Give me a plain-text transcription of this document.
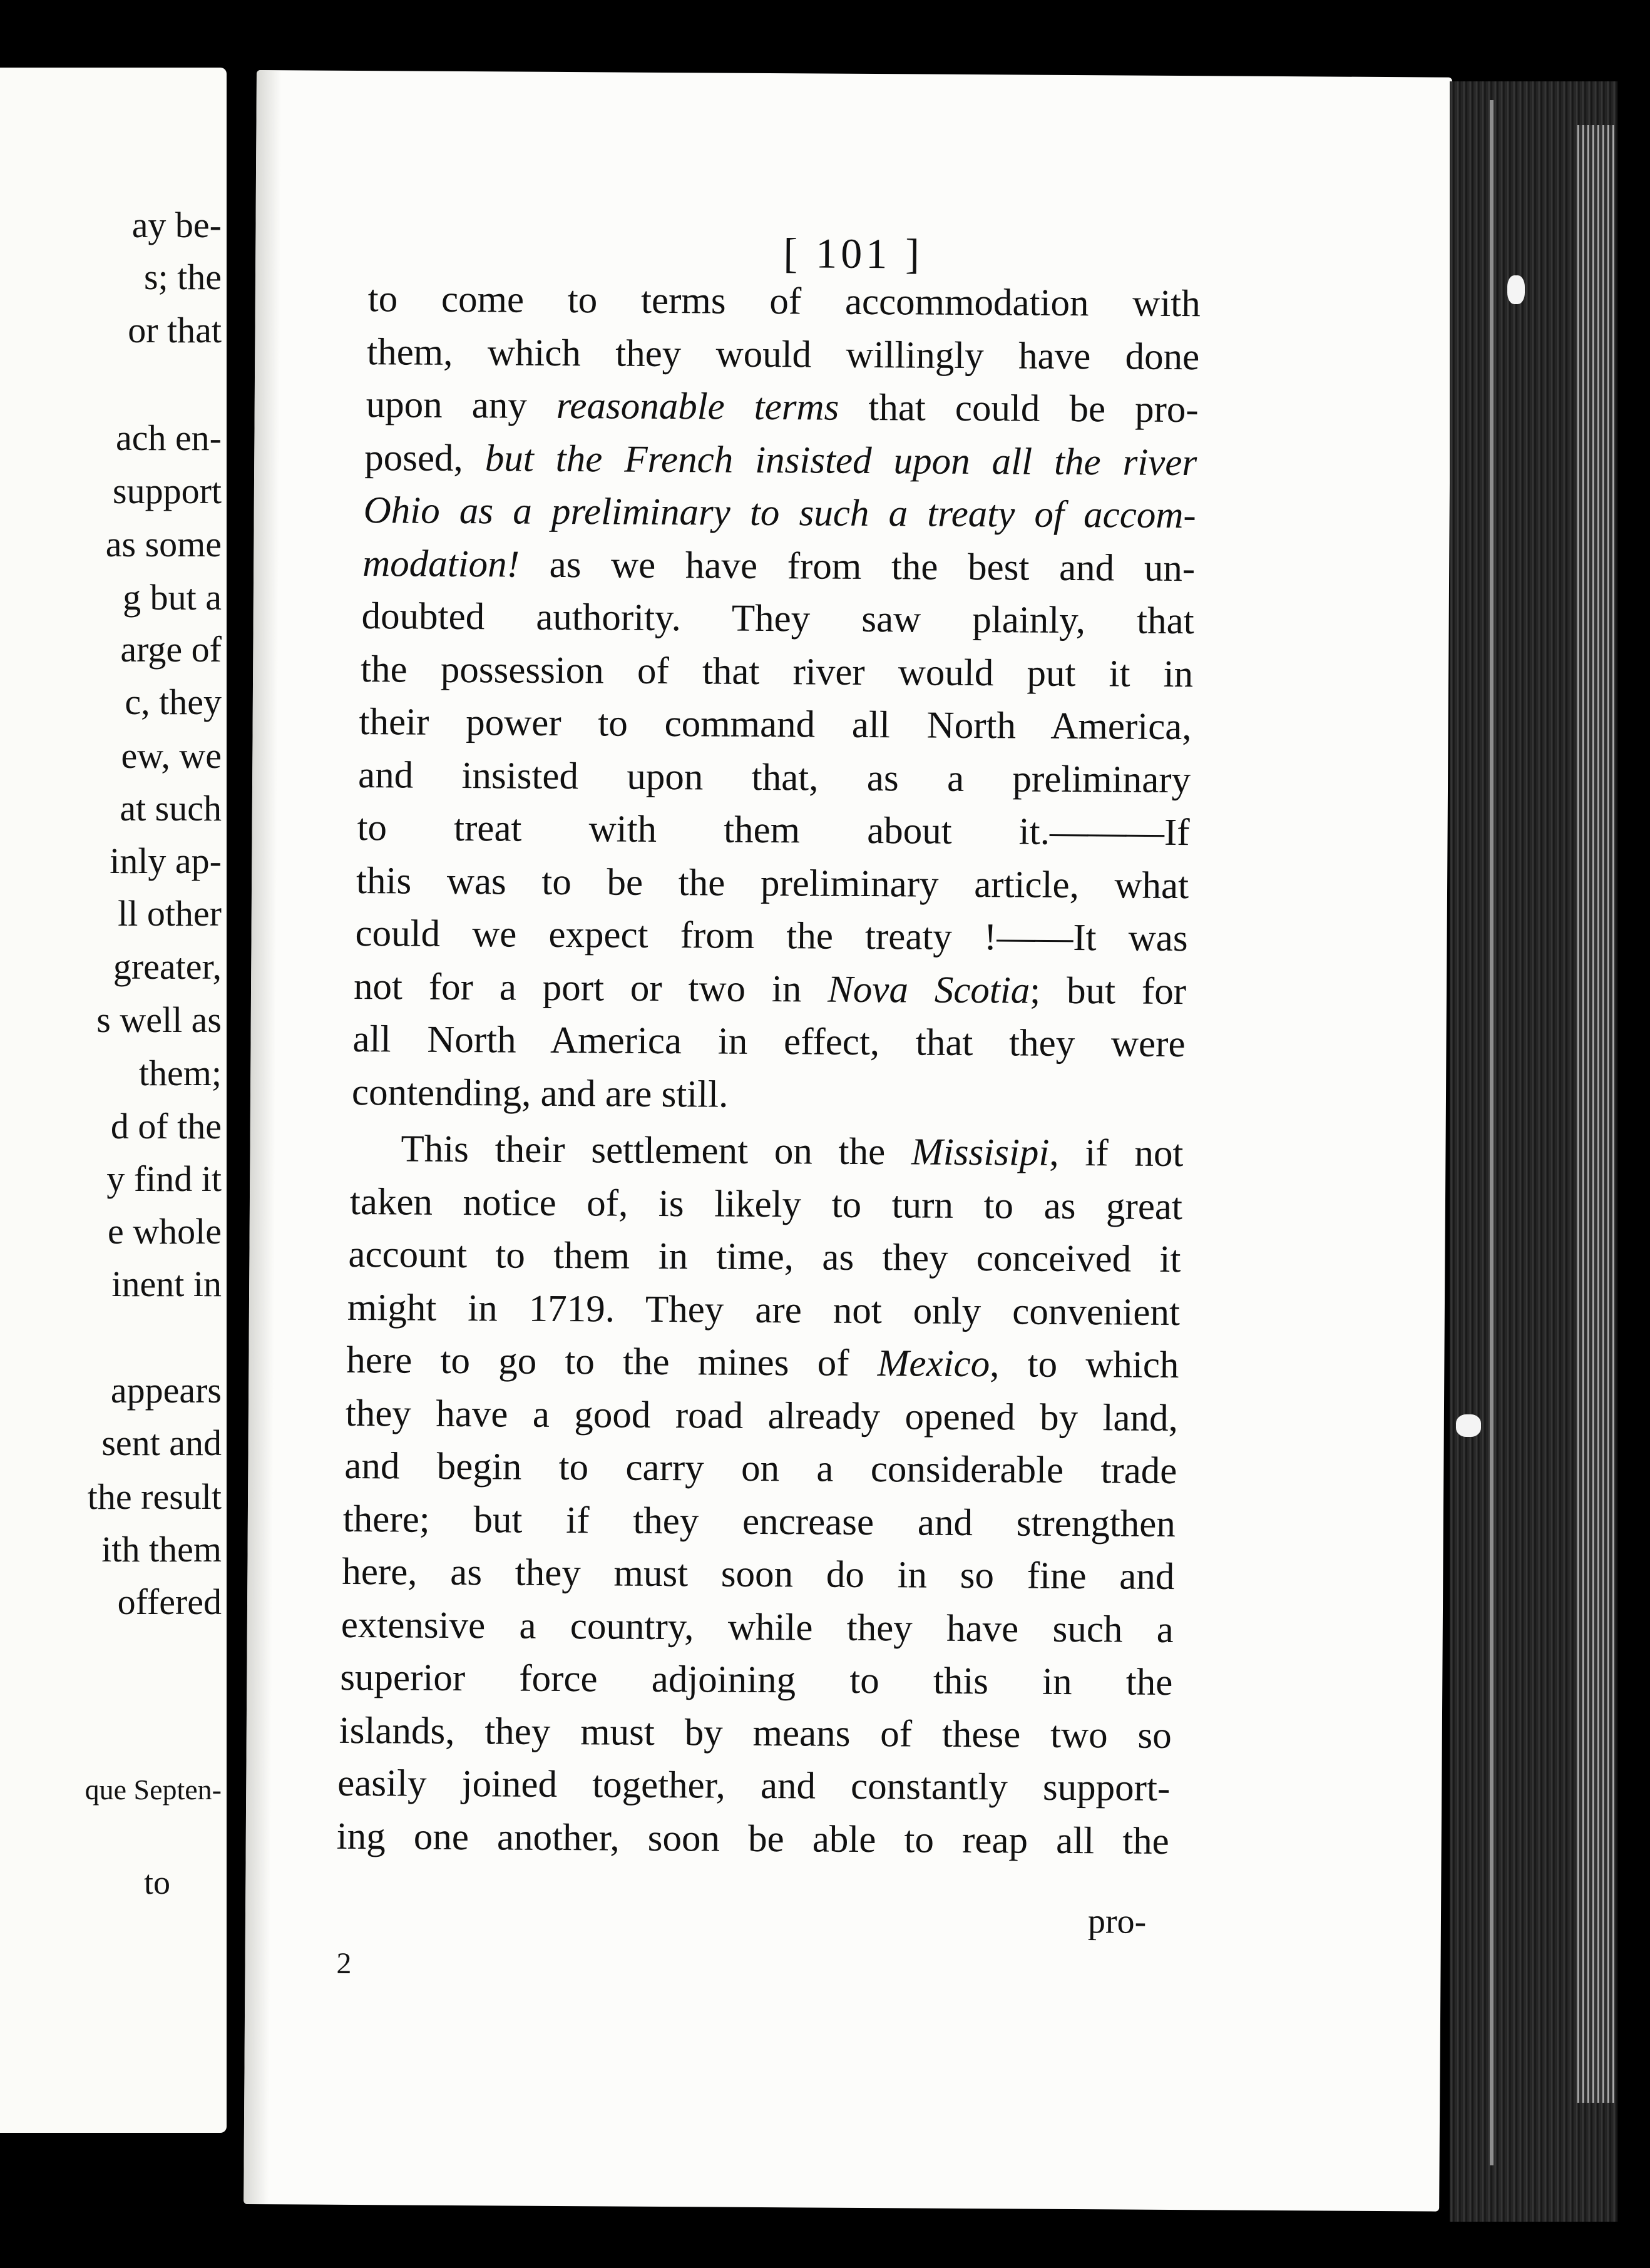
ay be-
s; the
or that
ach en-
support
as some
g but a
arge of
c, they
ew, we
at such
inly ap-
ll other
greater,
s well as
them;
d of the
y find it
e whole
inent in
appears
sent and
the result
ith them
offered
que Septen-
to
[ 101 ]
pro-
2
to come to terms of accommodation with
them, which they would willingly have done
upon any reasonable terms that could be pro-
posed, but the French insisted upon all the river
Ohio as a preliminary to such a treaty of accom-
modation! as we have from the best and un-
doubted authority. They saw plainly, that
the possession of that river would put it in
their power to command all North America,
and insisted upon that, as a preliminary
to treat with them about it.———If
this was to be the preliminary article, what
could we expect from the treaty !——It was
not for a port or two in Nova Scotia; but for
all North America in effect, that they were
contending, and are still.
This their settlement on the Missisipi, if not
taken notice of, is likely to turn to as great
account to them in time, as they conceived it
might in 1719. They are not only convenient
here to go to the mines of Mexico, to which
they have a good road already opened by land,
and begin to carry on a considerable trade
there; but if they encrease and strengthen
here, as they must soon do in so fine and
extensive a country, while they have such a
superior force adjoining to this in the
islands, they must by means of these two so
easily joined together, and constantly support-
ing one another, soon be able to reap all the
